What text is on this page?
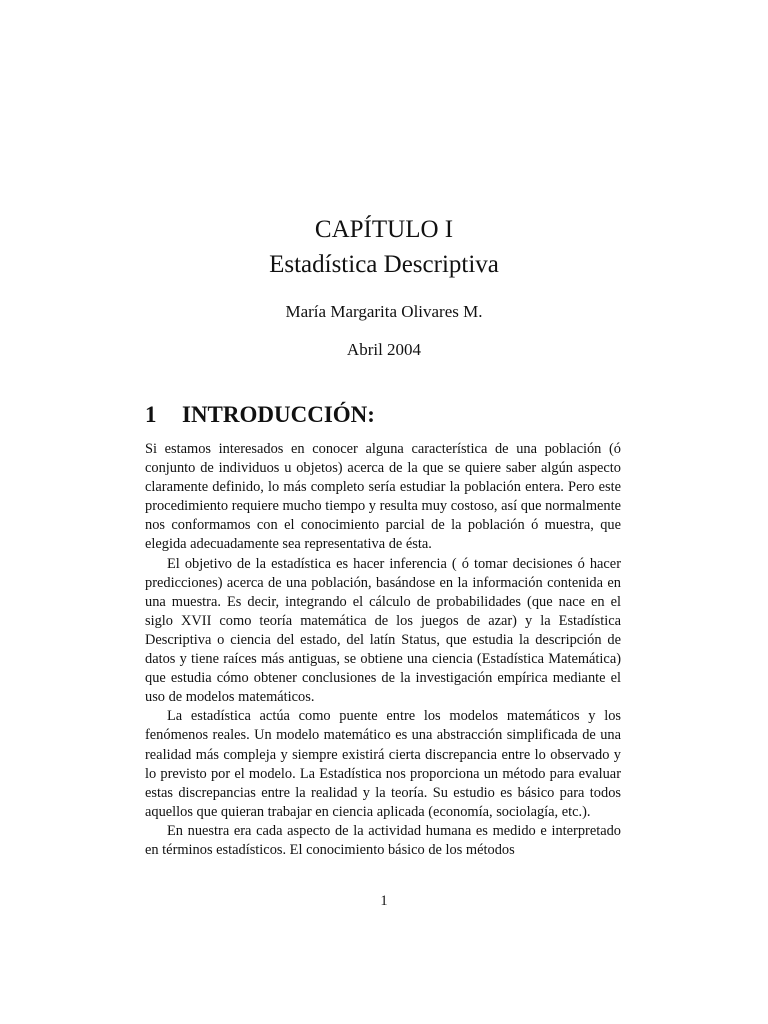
CAPÍTULO I
Estadística Descriptiva
María Margarita Olivares M.
Abril 2004
1 INTRODUCCIÓN:

Si estamos interesados en conocer alguna característica de una población (ó conjunto de individuos u objetos) acerca de la que se quiere saber algún aspecto claramente definido, lo más completo sería estudiar la población entera. Pero este procedimiento requiere mucho tiempo y resulta muy costoso, así que normalmente nos conformamos con el conocimiento parcial de la población ó muestra, que elegida adecuadamente sea representativa de ésta.

El objetivo de la estadística es hacer inferencia ( ó tomar decisiones ó hacer predicciones) acerca de una población, basándose en la información contenida en una muestra. Es decir, integrando el cálculo de probabilidades (que nace en el siglo XVII como teoría matemática de los juegos de azar) y la Estadística Descriptiva o ciencia del estado, del latín Status, que estudia la descripción de datos y tiene raíces más antiguas, se obtiene una ciencia (Estadística Matemática) que estudia cómo obtener conclusiones de la investigación empírica mediante el uso de modelos matemáticos.

La estadística actúa como puente entre los modelos matemáticos y los fenómenos reales. Un modelo matemático es una abstracción simplificada de una realidad más compleja y siempre existirá cierta discrepancia entre lo observado y lo previsto por el modelo. La Estadística nos proporciona un método para evaluar estas discrepancias entre la realidad y la teoría. Su estudio es básico para todos aquellos que quieran trabajar en ciencia aplicada (economía, sociolagía, etc.).

En nuestra era cada aspecto de la actividad humana es medido e interpretado en términos estadísticos. El conocimiento básico de los métodos

1
